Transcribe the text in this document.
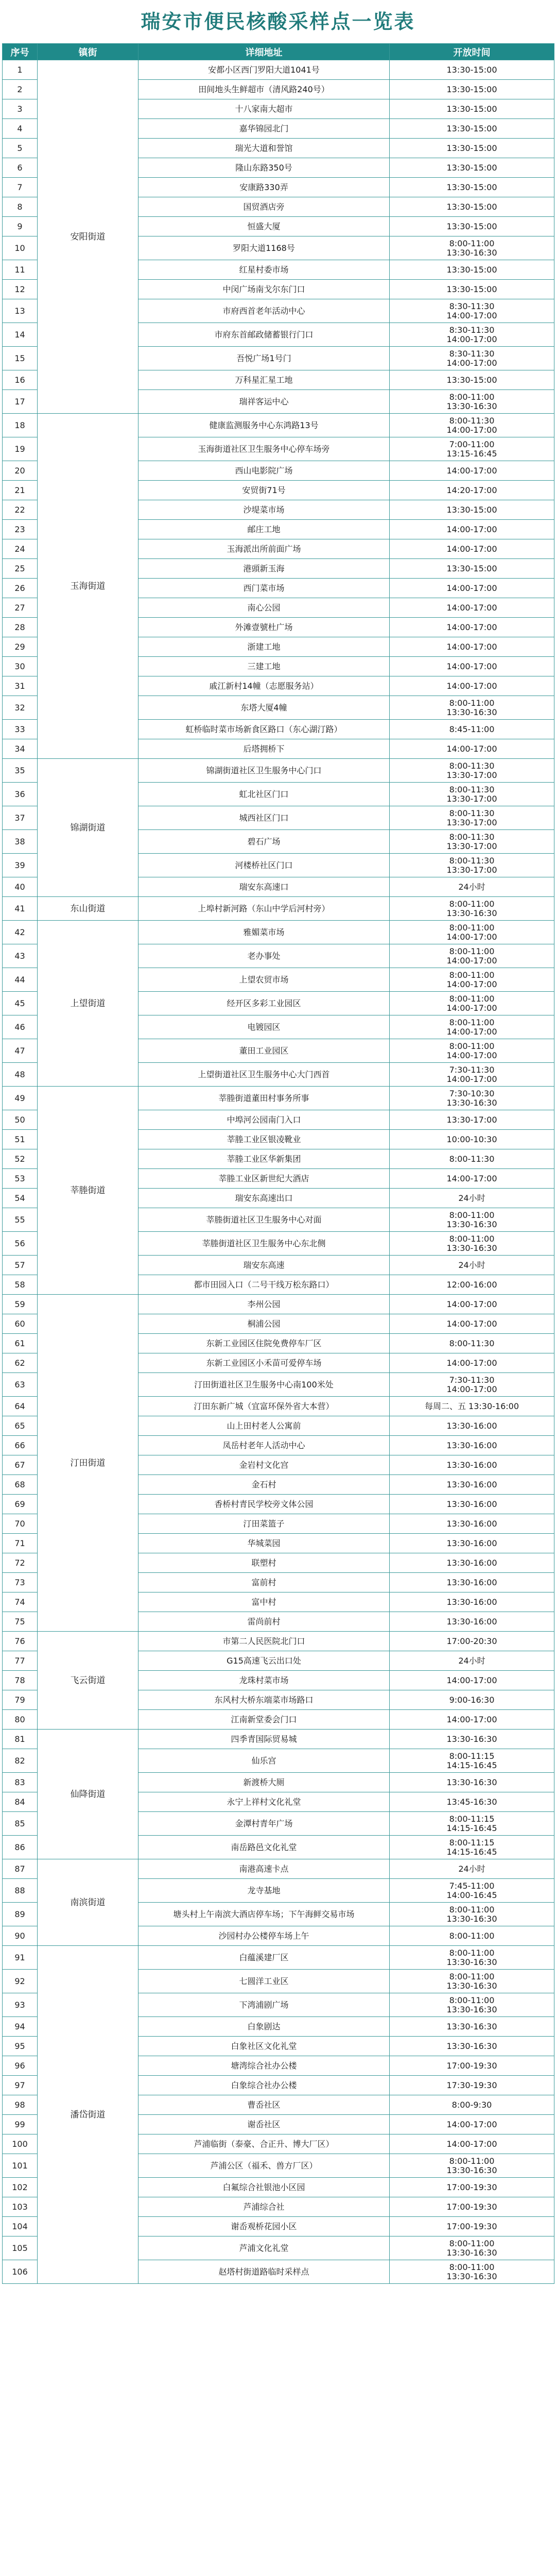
瑞安市便民核酸采样点一览表
序号	镇街	详细地址	开放时间
1	安阳街道	安都小区西门罗阳大道1041号	13:30-15:00

2		田间地头生鲜超市（清风路240号）	13:30-15:00

3		十八家南大超市	13:30-15:00

4		嘉华锦园北门	13:30-15:00

5		瑞光大道和誉馆	13:30-15:00

6		隆山东路350号	13:30-15:00

7		安康路330弄	13:30-15:00

8		国贸酒店旁	13:30-15:00

9		恒盛大厦	13:30-15:00

10		罗阳大道1168号	8:00-11:00
13:30-16:30

11		红星村委市场	13:30-15:00

12		中闵广场南戈尔东门口	13:30-15:00

13		市府西首老年活动中心	8:30-11:30
14:00-17:00

14		市府东首邮政储蓄银行门口	8:30-11:30
14:00-17:00

15		吾悦广场1号门	8:30-11:30
14:00-17:00

16		万科星汇星工地	13:30-15:00

17		瑞祥客运中心	8:00-11:00
13:30-16:30

18	玉海街道	健康监测服务中心东鸿路13号	8:00-11:30
14:00-17:00

19		玉海街道社区卫生服务中心停车场旁	7:00-11:00
13:15-16:45

20		西山电影院广场	14:00-17:00

21		安贸街71号	14:20-17:00

22		沙堤菜市场	13:30-15:00

23		邮庄工地	14:00-17:00

24		玉海派出所前面广场	14:00-17:00

25		港頭新玉海	13:30-15:00

26		西门菜市场	14:00-17:00

27		南心公园	14:00-17:00

28		外滩壹號杜广场	14:00-17:00

29		浙建工地	14:00-17:00

30		三建工地	14:00-17:00

31		戚江新村14幢（志愿服务站）	14:00-17:00

32		东塔大厦4幢	8:00-11:00
13:30-16:30

33		虹桥临时菜市场新食区路口（东心湖汀路）	8:45-11:00

34		后塔拥桥下	14:00-17:00

35	锦湖街道	锦湖街道社区卫生服务中心门口	8:00-11:30
13:30-17:00

36		虹北社区门口	8:00-11:30
13:30-17:00

37		城西社区门口	8:00-11:30
13:30-17:00

38		碧石广场	8:00-11:30
13:30-17:00

39		河楼桥社区门口	8:00-11:30
13:30-17:00

40		瑞安东高速口	24小时

41	东山街道	上埠村新河路（东山中学后河村旁）	8:00-11:00
13:30-16:30

42	上望街道	雅媚菜市场	8:00-11:00
14:00-17:00

43		老办事处	8:00-11:00
14:00-17:00

44		上望农贸市场	8:00-11:00
14:00-17:00

45		经开区多彩工业园区	8:00-11:00
14:00-17:00

46		电镀园区	8:00-11:00
14:00-17:00

47		董田工业园区	8:00-11:00
14:00-17:00

48		上望街道社区卫生服务中心大门西首	7:30-11:30
14:00-17:00

49	莘塍街道	莘塍街道董田村事务所事	7:30-10:30
13:30-16:30

50		中埠河公园南门入口	13:30-17:00

51		莘塍工业区银凌靴业	10:00-10:30

52		莘塍工业区华新集团	8:00-11:30

53		莘塍工业区新世纪大酒店	14:00-17:00

54		瑞安东高速出口	24小时

55		莘塍街道社区卫生服务中心对面	8:00-11:00
13:30-16:30

56		莘塍街道社区卫生服务中心东北侧	8:00-11:00
13:30-16:30

57		瑞安东高速	24小时

58		都市田园入口（二号干线万松东路口）	12:00-16:00

59	汀田街道	李州公园	14:00-17:00

60		桐浦公园	14:00-17:00

61		东新工业园区住院免费停车厂区	8:00-11:30

62		东新工业园区小禾苗可爱停车场	14:00-17:00

63		汀田街道社区卫生服务中心南100米处	7:30-11:30
14:00-17:00

64		汀田东新广城（宜富环保外省大本营）	每周二、五 13:30-16:00

65		山上田村老人公寓前	13:30-16:00

66		凤岳村老年人活动中心	13:30-16:00

67		金岩村文化宫	13:30-16:00

68		金石村	13:30-16:00

69		香桥村青民学校旁文体公园	13:30-16:00

70		汀田菜篮子	13:30-16:00

71		华城菜园	13:30-16:00

72		联塑村	13:30-16:00

73		富前村	13:30-16:00

74		富中村	13:30-16:00

75		雷尚前村	13:30-16:00

76	飞云街道	市第二人民医院北门口	17:00-20:30

77		G15高速飞云出口处	24小时

78		龙珠村菜市场	14:00-17:00

79		东风村大桥东端菜市场路口	9:00-16:30

80		江南新堂委会门口	14:00-17:00

81	仙降街道	四季青国际贸易城	13:30-16:30

82		仙乐宫	8:00-11:15
14:15-16:45

83		新渡桥大厕	13:30-16:30

84		永宁上祥村文化礼堂	13:45-16:30

85		金潭村青年广场	8:00-11:15
14:15-16:45

86		南岳路邑文化礼堂	8:00-11:15
14:15-16:45

87	南滨街道	南港高速卡点	24小时

88		龙寺基地	7:45-11:00
14:00-16:45

89		塘头村上午南滨大酒店停车场；下午海鲜交易市场	8:00-11:00
13:30-16:30

90		沙园村办公楼停车场上午	8:00-11:00

91	潘岱街道	白蕴溪建厂区	8:00-11:00
13:30-16:30

92		七圆洋工业区	8:00-11:00
13:30-16:30

93		下湾浦剧广场	8:00-11:00
13:30-16:30

94		白象剧达	13:30-16:30

95		白象社区文化礼堂	13:30-16:30

96		塘湾综合社办公楼	17:00-19:30

97		白象综合社办公楼	17:30-19:30

98		曹岙社区	8:00-9:30

99		谢岙社区	14:00-17:00

100		芦浦临街（泰豪、合正升、博大厂区）	14:00-17:00

101		芦浦公区（福禾、兽方厂区）	8:00-11:00
13:30-16:30

102		白氟综合社银池小区园	17:00-19:30

103		芦浦综合社	17:00-19:30

104		谢岙观桥花园小区	17:00-19:30

105		芦浦文化礼堂	8:00-11:00
13:30-16:30

106		赵塔村街道路临时采样点	8:00-11:00
13:30-16:30
